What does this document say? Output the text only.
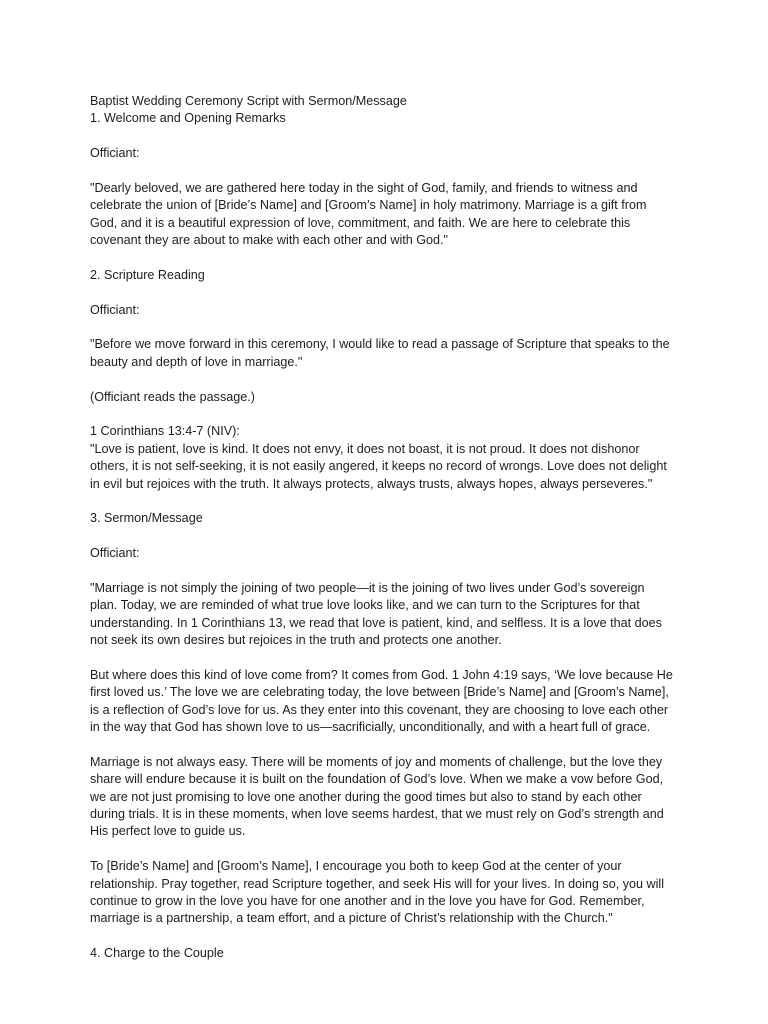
Baptist Wedding Ceremony Script with Sermon/Message
1. Welcome and Opening Remarks
Officiant:
"Dearly beloved, we are gathered here today in the sight of God, family, and friends to witness and
celebrate the union of [Bride’s Name] and [Groom’s Name] in holy matrimony. Marriage is a gift from
God, and it is a beautiful expression of love, commitment, and faith. We are here to celebrate this
covenant they are about to make with each other and with God."
2. Scripture Reading
Officiant:
"Before we move forward in this ceremony, I would like to read a passage of Scripture that speaks to the
beauty and depth of love in marriage."
(Officiant reads the passage.)
1 Corinthians 13:4-7 (NIV):
"Love is patient, love is kind. It does not envy, it does not boast, it is not proud. It does not dishonor
others, it is not self-seeking, it is not easily angered, it keeps no record of wrongs. Love does not delight
in evil but rejoices with the truth. It always protects, always trusts, always hopes, always perseveres."
3. Sermon/Message
Officiant:
"Marriage is not simply the joining of two people—it is the joining of two lives under God’s sovereign
plan. Today, we are reminded of what true love looks like, and we can turn to the Scriptures for that
understanding. In 1 Corinthians 13, we read that love is patient, kind, and selfless. It is a love that does
not seek its own desires but rejoices in the truth and protects one another.
But where does this kind of love come from? It comes from God. 1 John 4:19 says, ‘We love because He
first loved us.’ The love we are celebrating today, the love between [Bride’s Name] and [Groom’s Name],
is a reflection of God’s love for us. As they enter into this covenant, they are choosing to love each other
in the way that God has shown love to us—sacrificially, unconditionally, and with a heart full of grace.
Marriage is not always easy. There will be moments of joy and moments of challenge, but the love they
share will endure because it is built on the foundation of God’s love. When we make a vow before God,
we are not just promising to love one another during the good times but also to stand by each other
during trials. It is in these moments, when love seems hardest, that we must rely on God’s strength and
His perfect love to guide us.
To [Bride’s Name] and [Groom’s Name], I encourage you both to keep God at the center of your
relationship. Pray together, read Scripture together, and seek His will for your lives. In doing so, you will
continue to grow in the love you have for one another and in the love you have for God. Remember,
marriage is a partnership, a team effort, and a picture of Christ’s relationship with the Church."
4. Charge to the Couple
